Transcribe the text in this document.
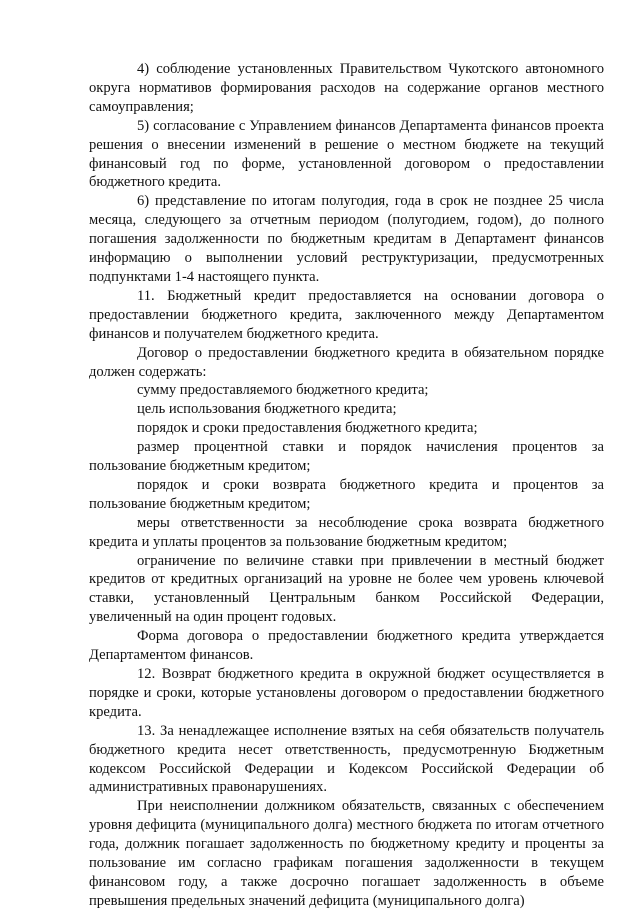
4) соблюдение установленных Правительством Чукотского автономного округа нормативов формирования расходов на содержание органов местного самоуправления;

5) согласование с Управлением финансов Департамента финансов проекта решения о внесении изменений в решение о местном бюджете на текущий финансовый год по форме, установленной договором о предоставлении бюджетного кредита.

6) представление по итогам полугодия, года в срок не позднее 25 числа месяца, следующего за отчетным периодом (полугодием, годом), до полного погашения задолженности по бюджетным кредитам в Департамент финансов информацию о выполнении условий реструктуризации, предусмотренных подпунктами 1-4 настоящего пункта.

11. Бюджетный кредит предоставляется на основании договора о предоставлении бюджетного кредита, заключенного между Департаментом финансов и получателем бюджетного кредита.

Договор о предоставлении бюджетного кредита в обязательном порядке должен содержать:

сумму предоставляемого бюджетного кредита;

цель использования бюджетного кредита;

порядок и сроки предоставления бюджетного кредита;

размер процентной ставки и порядок начисления процентов за пользование бюджетным кредитом;

порядок и сроки возврата бюджетного кредита и процентов за пользование бюджетным кредитом;

меры ответственности за несоблюдение срока возврата бюджетного кредита и уплаты процентов за пользование бюджетным кредитом;

ограничение по величине ставки при привлечении в местный бюджет кредитов от кредитных организаций на уровне не более чем уровень ключевой ставки, установленный Центральным банком Российской Федерации, увеличенный на один процент годовых.

Форма договора о предоставлении бюджетного кредита утверждается Департаментом финансов.

12. Возврат бюджетного кредита в окружной бюджет осуществляется в порядке и сроки, которые установлены договором о предоставлении бюджетного кредита.

13. За ненадлежащее исполнение взятых на себя обязательств получатель бюджетного кредита несет ответственность, предусмотренную Бюджетным кодексом Российской Федерации и Кодексом Российской Федерации об административных правонарушениях.

При неисполнении должником обязательств, связанных с обеспечением уровня дефицита (муниципального долга) местного бюджета по итогам отчетного года, должник погашает задолженность по бюджетному кредиту и проценты за пользование им согласно графикам погашения задолженности в текущем финансовом году, а также досрочно погашает задолженность в объеме превышения предельных значений дефицита (муниципального долга)
